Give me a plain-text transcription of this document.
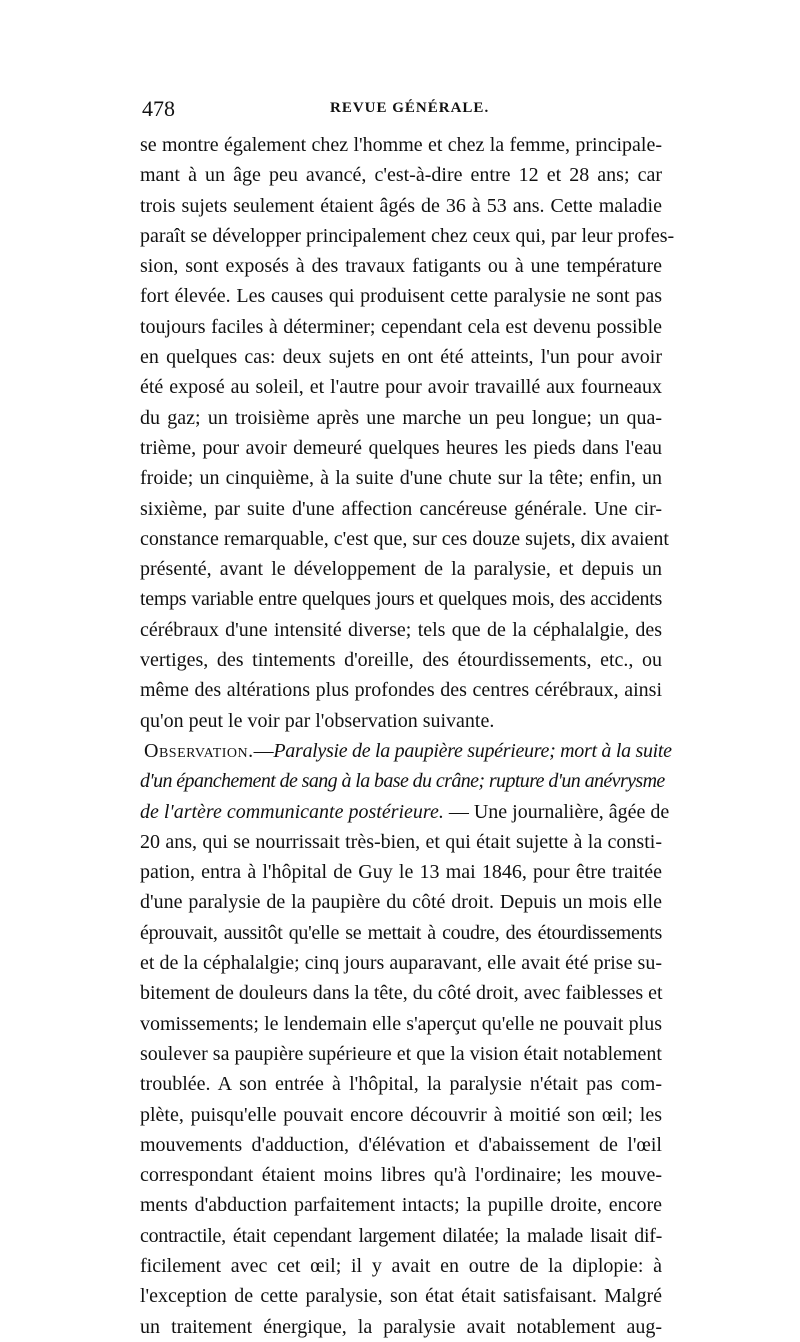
478	REVUE GÉNÉRALE.
se montre également chez l'homme et chez la femme, principale-
mant à un âge peu avancé, c'est-à-dire entre 12 et 28 ans; car
trois sujets seulement étaient âgés de 36 à 53 ans. Cette maladie
paraît se développer principalement chez ceux qui, par leur profes-
sion, sont exposés à des travaux fatigants ou à une température
fort élevée. Les causes qui produisent cette paralysie ne sont pas
toujours faciles à déterminer; cependant cela est devenu possible
en quelques cas: deux sujets en ont été atteints, l'un pour avoir
été exposé au soleil, et l'autre pour avoir travaillé aux fourneaux
du gaz; un troisième après une marche un peu longue; un qua-
trième, pour avoir demeuré quelques heures les pieds dans l'eau
froide; un cinquième, à la suite d'une chute sur la tête; enfin, un
sixième, par suite d'une affection cancéreuse générale. Une cir-
constance remarquable, c'est que, sur ces douze sujets, dix avaient
présenté, avant le développement de la paralysie, et depuis un
temps variable entre quelques jours et quelques mois, des accidents
cérébraux d'une intensité diverse; tels que de la céphalalgie, des
vertiges, des tintements d'oreille, des étourdissements, etc., ou
même des altérations plus profondes des centres cérébraux, ainsi
qu'on peut le voir par l'observation suivante.
Observation.—Paralysie de la paupière supérieure; mort à la suite
d'un épanchement de sang à la base du crâne; rupture d'un anévrysme
de l'artère communicante postérieure. — Une journalière, âgée de
20 ans, qui se nourrissait très-bien, et qui était sujette à la consti-
pation, entra à l'hôpital de Guy le 13 mai 1846, pour être traitée
d'une paralysie de la paupière du côté droit. Depuis un mois elle
éprouvait, aussitôt qu'elle se mettait à coudre, des étourdissements
et de la céphalalgie; cinq jours auparavant, elle avait été prise su-
bitement de douleurs dans la tête, du côté droit, avec faiblesses et
vomissements; le lendemain elle s'aperçut qu'elle ne pouvait plus
soulever sa paupière supérieure et que la vision était notablement
troublée. A son entrée à l'hôpital, la paralysie n'était pas com-
plète, puisqu'elle pouvait encore découvrir à moitié son œil; les
mouvements d'adduction, d'élévation et d'abaissement de l'œil
correspondant étaient moins libres qu'à l'ordinaire; les mouve-
ments d'abduction parfaitement intacts; la pupille droite, encore
contractile, était cependant largement dilatée; la malade lisait dif-
ficilement avec cet œil; il y avait en outre de la diplopie: à
l'exception de cette paralysie, son état était satisfaisant. Malgré
un traitement énergique, la paralysie avait notablement aug-
